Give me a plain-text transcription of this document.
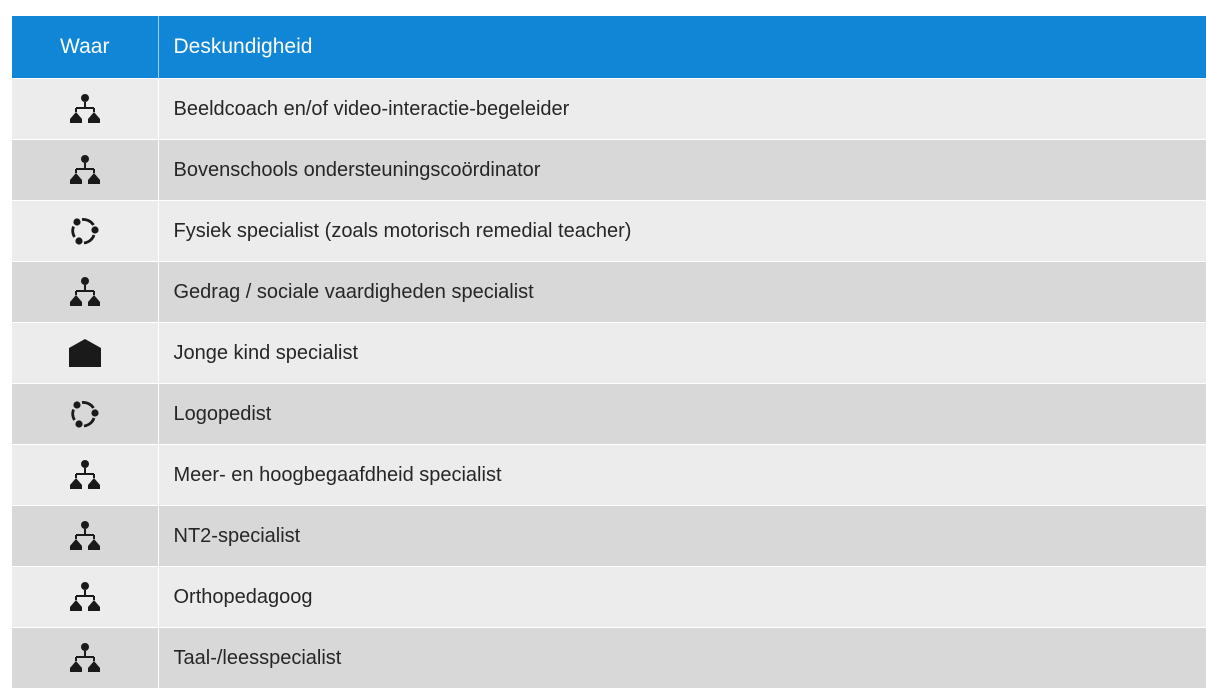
Waar	Deskundigheid

	Beeldcoach en/of video-interactie-begeleider

	Bovenschools ondersteuningscoördinator

	Fysiek specialist (zoals motorisch remedial teacher)

	Gedrag / sociale vaardigheden specialist

	Jonge kind specialist

	Logopedist

	Meer- en hoogbegaafdheid specialist

	NT2-specialist

	Orthopedagoog

	Taal-/leesspecialist
